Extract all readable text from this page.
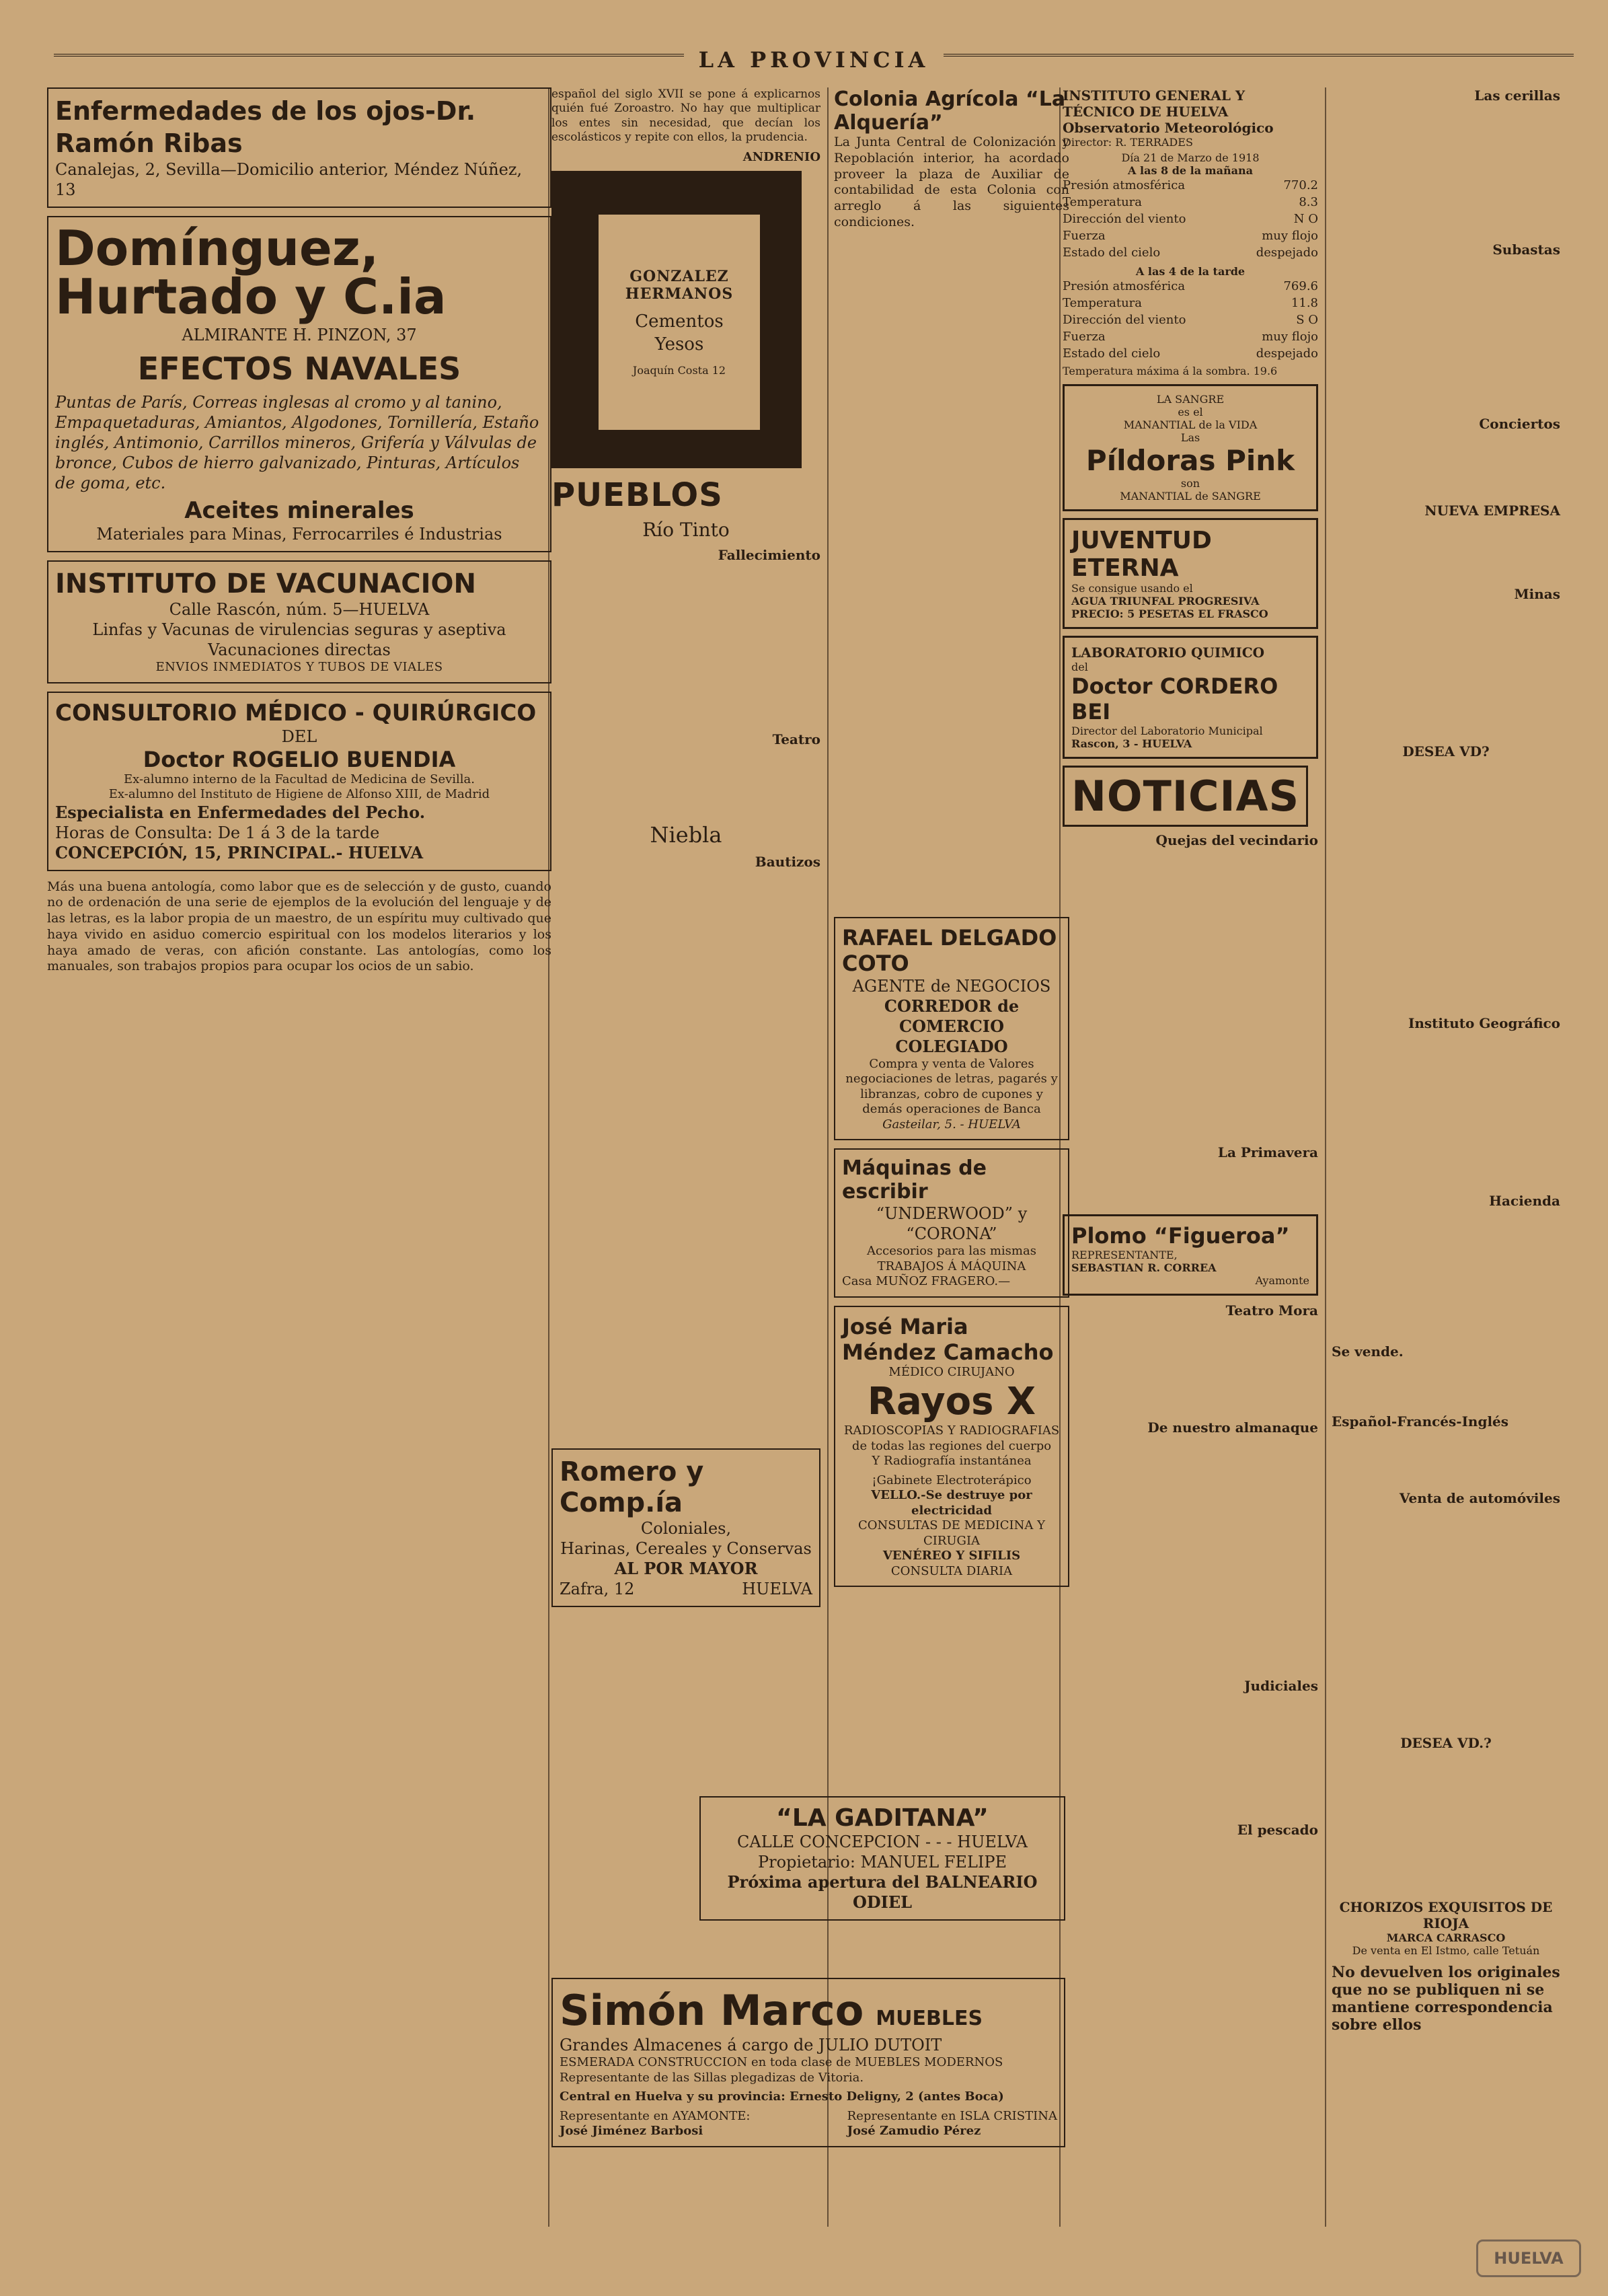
LA PROVINCIA
Enfermedades de los ojos-Dr. Ramón Ribas
Canalejas, 2, Sevilla—Domicilio anterior, Méndez Núñez, 13
Domínguez, Hurtado y C.ia
ALMIRANTE H. PINZON, 37
EFECTOS NAVALES
Puntas de París, Correas inglesas al cromo y al tanino, Empaquetaduras, Amiantos, Algodones, Tornillería, Estaño inglés, Antimonio, Carrillos mineros, Grifería y Válvulas de bronce, Cubos de hierro galvanizado, Pinturas, Artículos de goma, etc.
Aceites minerales
Materiales para Minas, Ferrocarriles é Industrias
INSTITUTO DE VACUNACION
Calle Rascón, núm. 5—HUELVA
Linfas y Vacunas de virulencias seguras y aseptiva
Vacunaciones directas
ENVIOS INMEDIATOS Y TUBOS DE VIALES
CONSULTORIO MÉDICO - QUIRÚRGICO
DEL
Doctor ROGELIO BUENDIA
Ex-alumno interno de la Facultad de Medicina de Sevilla.
Ex-alumno del Instituto de Higiene de Alfonso XIII, de Madrid
Especialista en Enfermedades del Pecho.
Horas de Consulta: De 1 á 3 de la tarde
CONCEPCIÓN, 15, PRINCIPAL.- HUELVA

Más una buena antología, como labor que es de selección y de gusto, cuando no de ordenación de una serie de ejemplos de la evolución del lenguaje y de las letras, es la labor propia de un maestro, de un espíritu muy cultivado que haya vivido en asiduo comercio espiritual con los modelos literarios y los haya amado de veras, con afición constante. Las antologías, como los manuales, son trabajos propios para ocupar los ocios de un sabio.

español del siglo XVII se pone á explicarnos quién fué Zoroastro. No hay que multiplicar los entes sin necesidad, que decían los escolásticos y repite con ellos, la prudencia.

ANDRENIO
GONZALEZ HERMANOS
Cementos
Yesos
Joaquín Costa 12
PUEBLOS
Río Tinto
Fallecimiento
Teatro
Niebla
Bautizos
Romero y Comp.ía
Coloniales,
Harinas, Cereales y Conservas
AL POR MAYOR
Zafra, 12	HUELVA
Colonia Agrícola “La Alquería”

La Junta Central de Colonización y Repoblación interior, ha acordado proveer la plaza de Auxiliar de contabilidad de esta Colonia con arreglo á las siguientes condiciones.

RAFAEL DELGADO COTO
AGENTE de NEGOCIOS
CORREDOR de COMERCIO COLEGIADO
Compra y venta de Valores negociaciones de letras, pagarés y libranzas, cobro de cupones y demás operaciones de Banca
Gasteilar, 5. - HUELVA
Máquinas de escribir
“UNDERWOOD” y “CORONA”
Accesorios para las mismas
TRABAJOS Á MÁQUINA
Casa MUÑOZ FRAGERO.—
José Maria Méndez Camacho
MÉDICO CIRUJANO
Rayos X
RADIOSCOPIAS Y RADIOGRAFIAS
de todas las regiones del cuerpo
Y Radiografía instantánea
¡Gabinete Electroterápico
VELLO.-Se destruye por electricidad
CONSULTAS DE MEDICINA Y CIRUGIA
VENÉREO Y SIFILIS
CONSULTA DIARIA
INSTITUTO GENERAL Y TÉCNICO DE HUELVA
Observatorio Meteorológico
Director: R. TERRADES
Día 21 de Marzo de 1918
A las 8 de la mañana
Presión atmosférica	770.2
Temperatura	8.3
Dirección del viento	N O
Fuerza	muy flojo
Estado del cielo	despejado
A las 4 de la tarde
Presión atmosférica	769.6
Temperatura	11.8
Dirección del viento	S O
Fuerza	muy flojo
Estado del cielo	despejado
Temperatura máxima á la sombra. 19.6
LA SANGRE
es el
MANANTIAL de la VIDA
Las
Píldoras Pink
son
MANANTIAL de SANGRE
JUVENTUD ETERNA
Se consigue usando el
AGUA TRIUNFAL PROGRESIVA
PRECIO: 5 PESETAS EL FRASCO
LABORATORIO QUIMICO
del
Doctor CORDERO BEI
Director del Laboratorio Municipal
Rascon, 3 - HUELVA
NOTICIAS
Quejas del vecindario
La Primavera
Plomo “Figueroa”
REPRESENTANTE,
SEBASTIAN R. CORREA
Ayamonte
Teatro Mora
De nuestro almanaque
Judiciales
El pescado
Las cerillas
Subastas
Conciertos
NUEVA EMPRESA
Minas
DESEA VD?
Instituto Geográfico
Hacienda
Se vende.
Español-Francés-Inglés
Venta de automóviles
DESEA VD.?
CHORIZOS EXQUISITOS DE RIOJA
MARCA CARRASCO
De venta en El Istmo, calle Tetuán
No devuelven los originales que no se publiquen ni se mantiene correspondencia sobre ellos
“LA GADITANA”
CALLE CONCEPCION - - - HUELVA
Propietario: MANUEL FELIPE
Próxima apertura del BALNEARIO ODIEL
Simón Marco MUEBLES
Grandes Almacenes á cargo de JULIO DUTOIT
ESMERADA CONSTRUCCION en toda clase de MUEBLES MODERNOS
Representante de las Sillas plegadizas de Vitoria.
Central en Huelva y su provincia: Ernesto Deligny, 2 (antes Boca)
Representante en AYAMONTE:
José Jiménez Barbosi
Representante en ISLA CRISTINA
José Zamudio Pérez
HUELVA
